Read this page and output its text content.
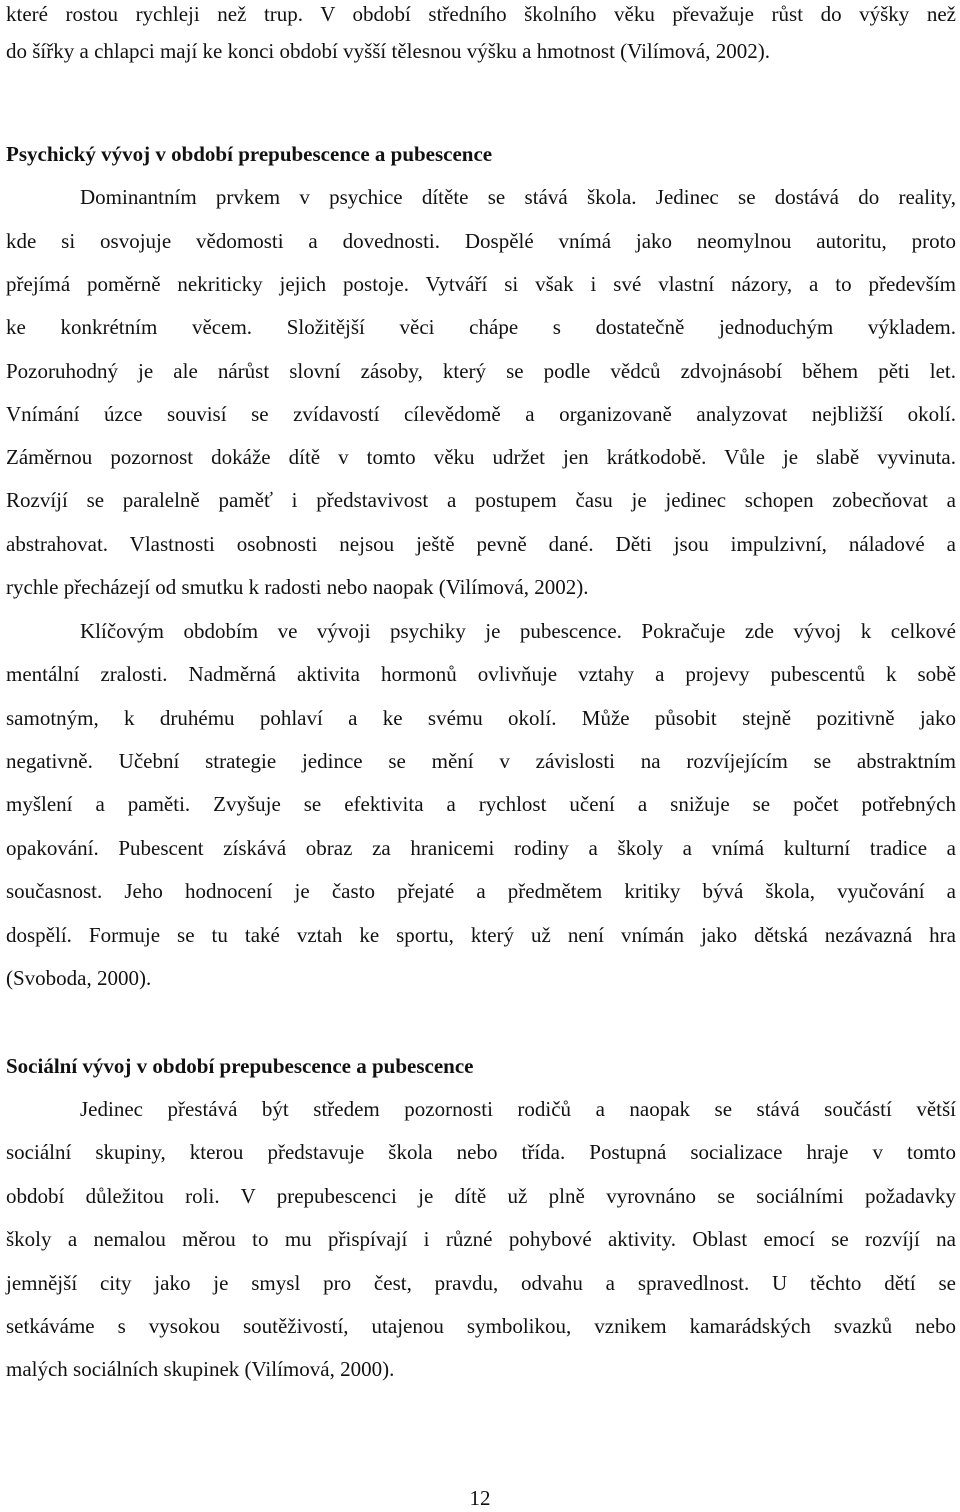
které rostou rychleji než trup. V období středního školního věku převažuje růst do výšky než
do šířky a chlapci mají ke konci období vyšší tělesnou výšku a hmotnost (Vilímová, 2002).
Psychický vývoj v období prepubescence a pubescence
Dominantním prvkem v psychice dítěte se stává škola. Jedinec se dostává do reality,
kde si osvojuje vědomosti a dovednosti. Dospělé vnímá jako neomylnou autoritu, proto
přejímá poměrně nekriticky jejich postoje. Vytváří si však i své vlastní názory, a to především
ke konkrétním věcem. Složitější věci chápe s dostatečně jednoduchým výkladem.
Pozoruhodný je ale nárůst slovní zásoby, který se podle vědců zdvojnásobí během pěti let.
Vnímání úzce souvisí se zvídavostí cílevědomě a organizovaně analyzovat nejbližší okolí.
Záměrnou pozornost dokáže dítě v tomto věku udržet jen krátkodobě. Vůle je slabě vyvinuta.
Rozvíjí se paralelně paměť i představivost a postupem času je jedinec schopen zobecňovat a
abstrahovat. Vlastnosti osobnosti nejsou ještě pevně dané. Děti jsou impulzivní, náladové a
rychle přecházejí od smutku k radosti nebo naopak (Vilímová, 2002).
Klíčovým obdobím ve vývoji psychiky je pubescence. Pokračuje zde vývoj k celkové
mentální zralosti. Nadměrná aktivita hormonů ovlivňuje vztahy a projevy pubescentů k sobě
samotným, k druhému pohlaví a ke svému okolí. Může působit stejně pozitivně jako
negativně. Učební strategie jedince se mění v závislosti na rozvíjejícím se abstraktním
myšlení a paměti. Zvyšuje se efektivita a rychlost učení a snižuje se počet potřebných
opakování. Pubescent získává obraz za hranicemi rodiny a školy a vnímá kulturní tradice a
současnost. Jeho hodnocení je často přejaté a předmětem kritiky bývá škola, vyučování a
dospělí. Formuje se tu také vztah ke sportu, který už není vnímán jako dětská nezávazná hra
(Svoboda, 2000).
Sociální vývoj v období prepubescence a pubescence
Jedinec přestává být středem pozornosti rodičů a naopak se stává součástí větší
sociální skupiny, kterou představuje škola nebo třída. Postupná socializace hraje v tomto
období důležitou roli. V prepubescenci je dítě už plně vyrovnáno se sociálními požadavky
školy a nemalou měrou to mu přispívají i různé pohybové aktivity. Oblast emocí se rozvíjí na
jemnější city jako je smysl pro čest, pravdu, odvahu a spravedlnost. U těchto dětí se
setkáváme s vysokou soutěživostí, utajenou symbolikou, vznikem kamarádských svazků nebo
malých sociálních skupinek (Vilímová, 2000).
12
